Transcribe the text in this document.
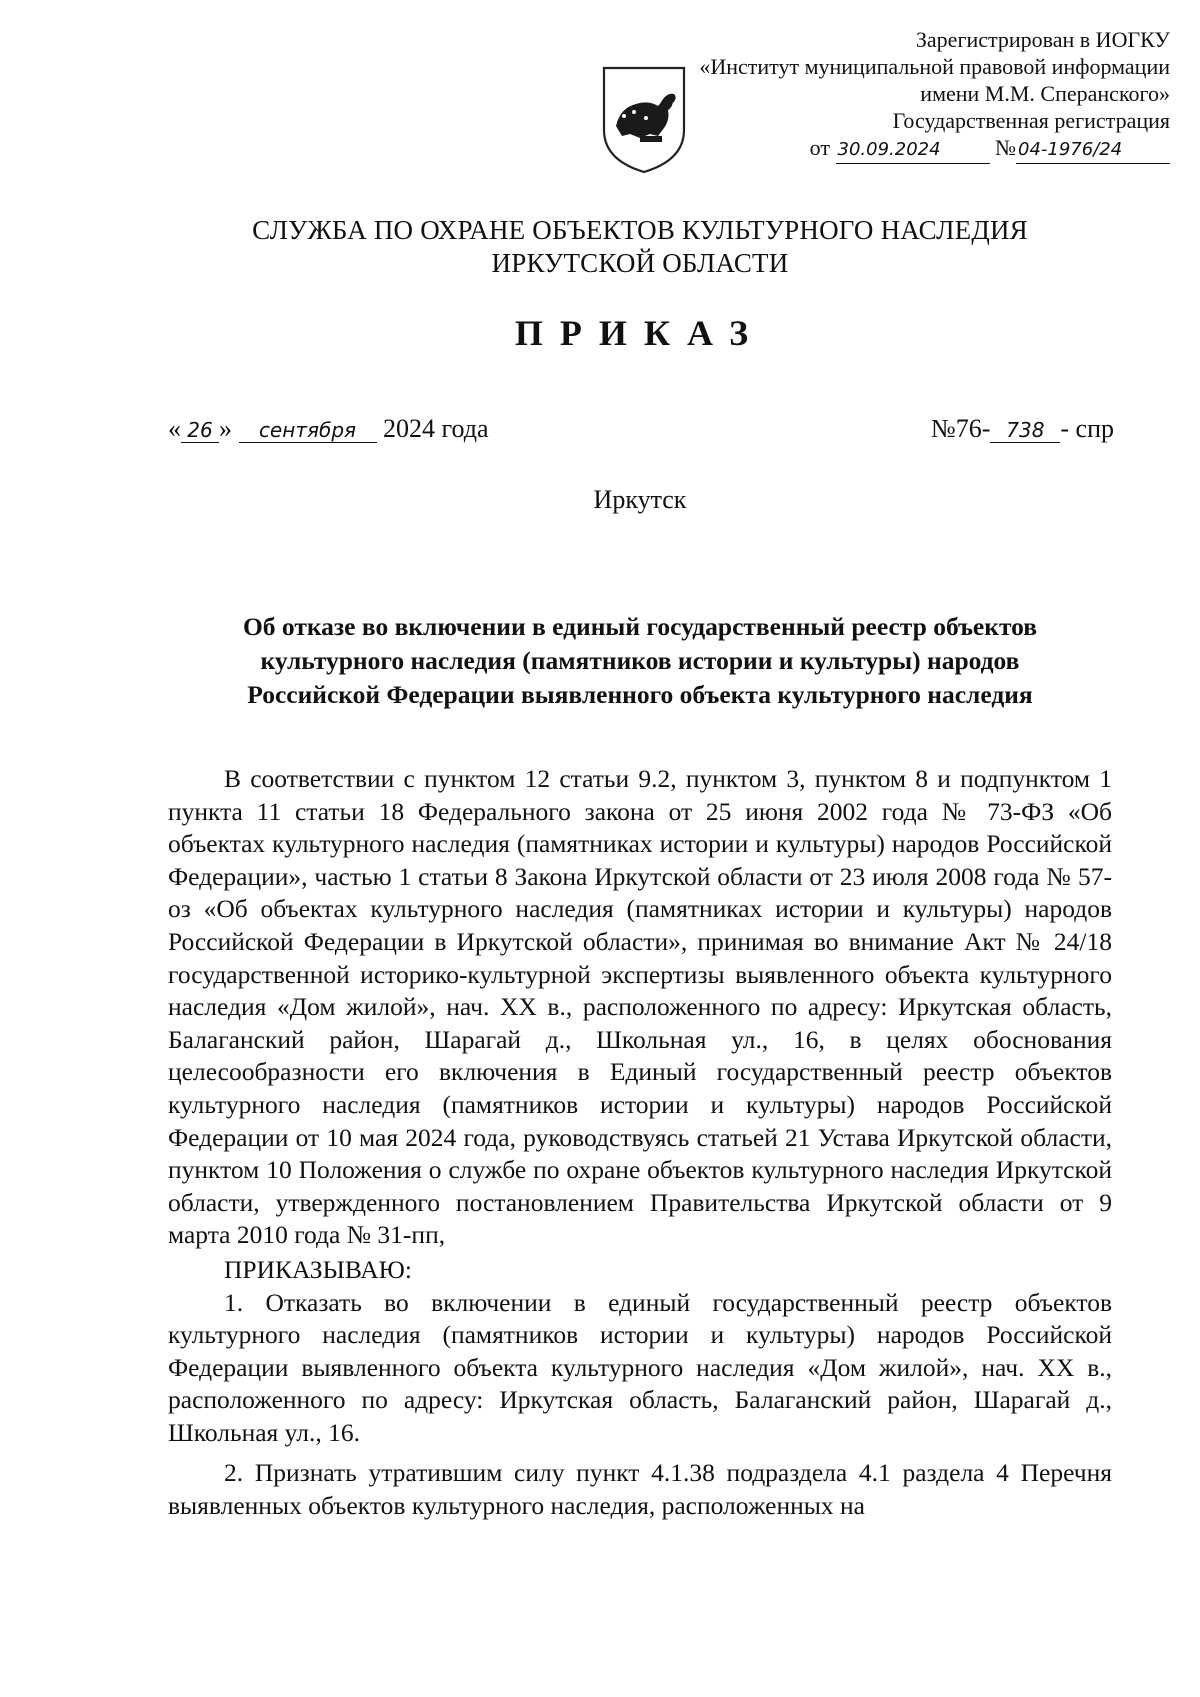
Зарегистрирован в ИОГКУ
«Институт муниципальной правовой информации
имени М.М. Сперанского»
Государственная регистрация
от 30.09.2024 № 04-1976/24
СЛУЖБА ПО ОХРАНЕ ОБЪЕКТОВ КУЛЬТУРНОГО НАСЛЕДИЯ
ИРКУТСКОЙ ОБЛАСТИ
ПРИКАЗ
« 26 » сентября 2024 года	№76- 738 - спр
Иркутск
Об отказе во включении в единый государственный реестр объектов
культурного наследия (памятников истории и культуры) народов
Российской Федерации выявленного объекта культурного наследия

В соответствии с пунктом 12 статьи 9.2, пунктом 3, пунктом 8 и подпунктом 1 пункта 11 статьи 18 Федерального закона от 25 июня 2002 года № 73-ФЗ «Об объектах культурного наследия (памятниках истории и культуры) народов Российской Федерации», частью 1 статьи 8 Закона Иркутской области от 23 июля 2008 года № 57-оз «Об объектах культурного наследия (памятниках истории и культуры) народов Российской Федерации в Иркутской области», принимая во внимание Акт № 24/18 государственной историко-культурной экспертизы выявленного объекта культурного наследия «Дом жилой», нач. XX в., расположенного по адресу: Иркутская область, Балаганский район, Шарагай д., Школьная ул., 16, в целях обоснования целесообразности его включения в Единый государственный реестр объектов культурного наследия (памятников истории и культуры) народов Российской Федерации от 10 мая 2024 года, руководствуясь статьей 21 Устава Иркутской области, пунктом 10 Положения о службе по охране объектов культурного наследия Иркутской области, утвержденного постановлением Правительства Иркутской области от 9 марта 2010 года № 31-пп,

ПРИКАЗЫВАЮ:

1. Отказать во включении в единый государственный реестр объектов культурного наследия (памятников истории и культуры) народов Российской Федерации выявленного объекта культурного наследия «Дом жилой», нач. XX в., расположенного по адресу: Иркутская область, Балаганский район, Шарагай д., Школьная ул., 16.

2. Признать утратившим силу пункт 4.1.38 подраздела 4.1 раздела 4 Перечня выявленных объектов культурного наследия, расположенных на
